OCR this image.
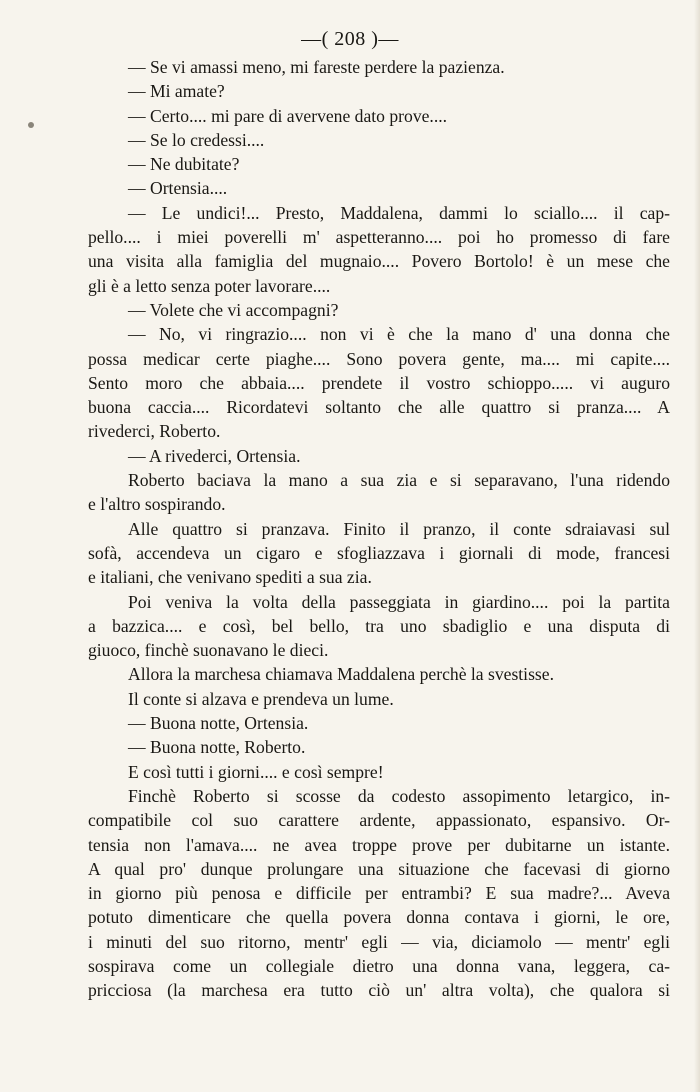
—( 208 )—
— Se vi amassi meno, mi fareste perdere la pazienza.
— Mi amate?
— Certo.... mi pare di avervene dato prove....
— Se lo credessi....
— Ne dubitate?
— Ortensia....
— Le undici!... Presto, Maddalena, dammi lo sciallo.... il cap-
pello.... i miei poverelli m' aspetteranno.... poi ho promesso di fare
una visita alla famiglia del mugnaio.... Povero Bortolo! è un mese che
gli è a letto senza poter lavorare....
— Volete che vi accompagni?
— No, vi ringrazio.... non vi è che la mano d' una donna che
possa medicar certe piaghe.... Sono povera gente, ma.... mi capite....
Sento moro che abbaia.... prendete il vostro schioppo..... vi auguro
buona caccia.... Ricordatevi soltanto che alle quattro si pranza.... A
rivederci, Roberto.
— A rivederci, Ortensia.
Roberto baciava la mano a sua zia e si separavano, l'una ridendo
e l'altro sospirando.
Alle quattro si pranzava. Finito il pranzo, il conte sdraiavasi sul
sofà, accendeva un cigaro e sfogliazzava i giornali di mode, francesi
e italiani, che venivano spediti a sua zia.
Poi veniva la volta della passeggiata in giardino.... poi la partita
a bazzica.... e così, bel bello, tra uno sbadiglio e una disputa di
giuoco, finchè suonavano le dieci.
Allora la marchesa chiamava Maddalena perchè la svestisse.
Il conte si alzava e prendeva un lume.
— Buona notte, Ortensia.
— Buona notte, Roberto.
E così tutti i giorni.... e così sempre!
Finchè Roberto si scosse da codesto assopimento letargico, in-
compatibile col suo carattere ardente, appassionato, espansivo. Or-
tensia non l'amava.... ne avea troppe prove per dubitarne un istante.
A qual pro' dunque prolungare una situazione che facevasi di giorno
in giorno più penosa e difficile per entrambi? E sua madre?... Aveva
potuto dimenticare che quella povera donna contava i giorni, le ore,
i minuti del suo ritorno, mentr' egli — via, diciamolo — mentr' egli
sospirava come un collegiale dietro una donna vana, leggera, ca-
pricciosa (la marchesa era tutto ciò un' altra volta), che qualora si
